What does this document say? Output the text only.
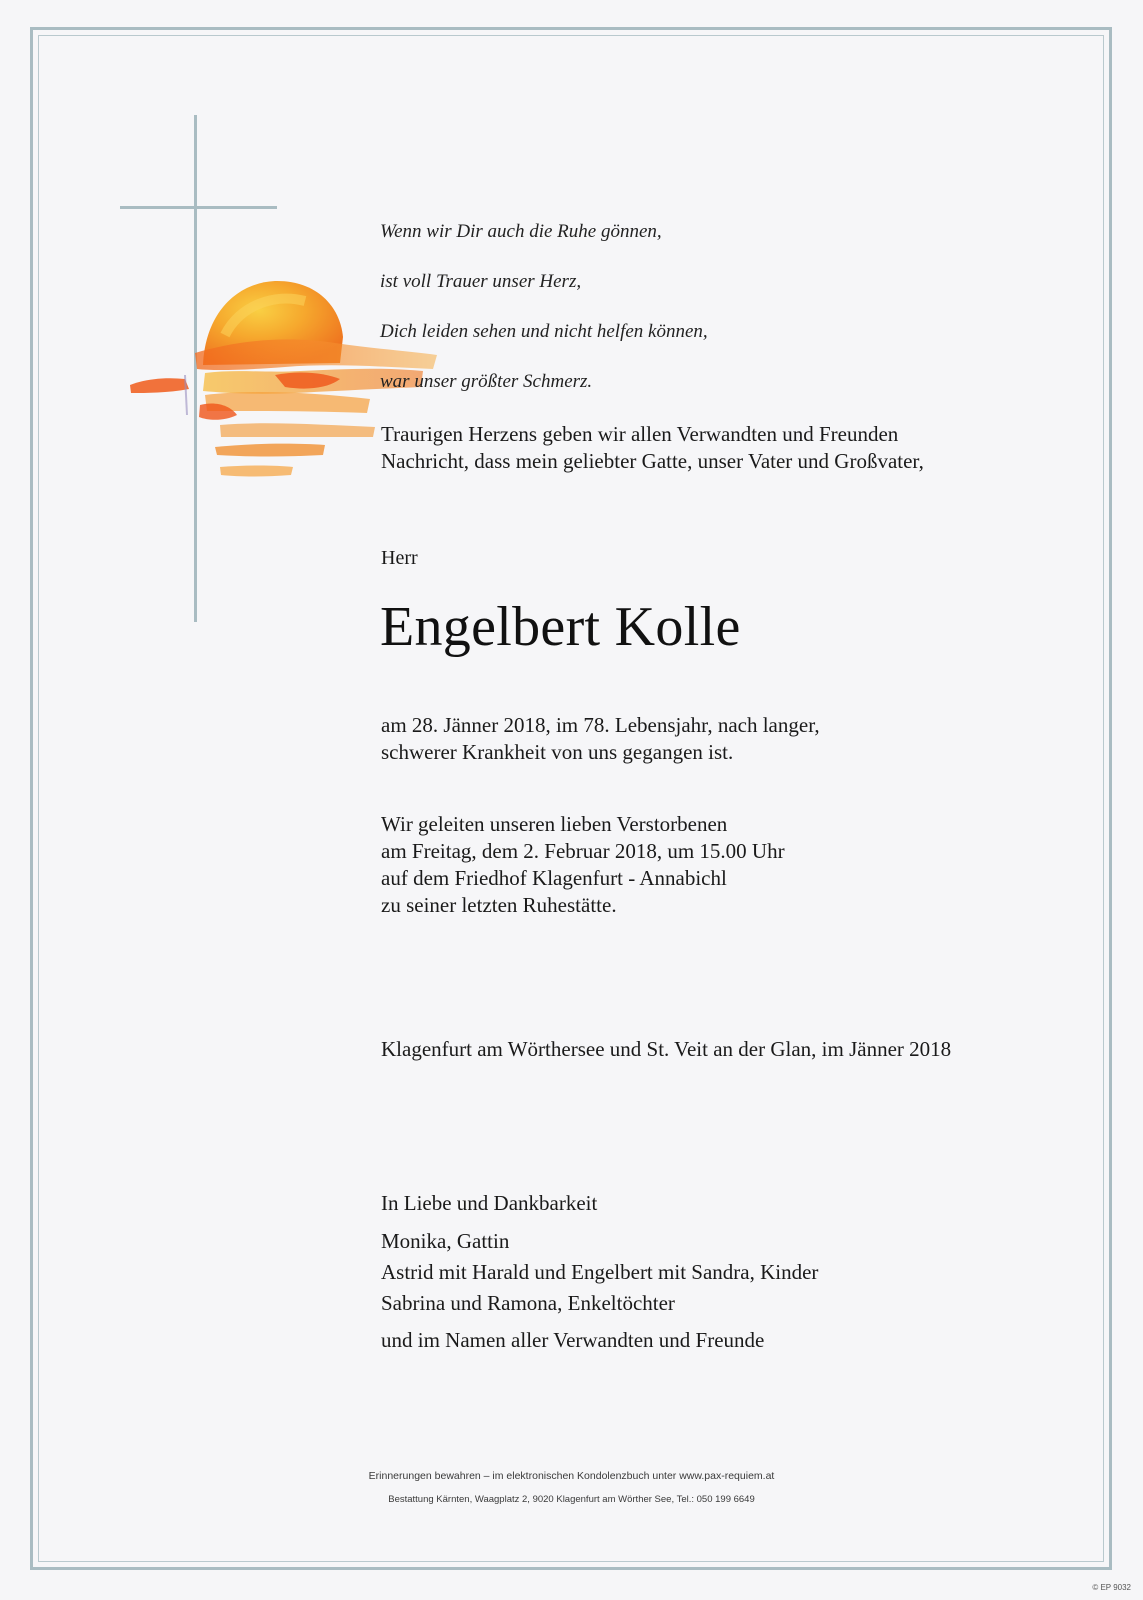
Wenn wir Dir auch die Ruhe gönnen,

ist voll Trauer unser Herz,

Dich leiden sehen und nicht helfen können,

war unser größter Schmerz.

Traurigen Herzens geben wir allen Verwandten und Freunden
Nachricht, dass mein geliebter Gatte, unser Vater und Großvater,
Herr
Engelbert Kolle
am 28. Jänner 2018, im 78. Lebensjahr, nach langer,
schwerer Krankheit von uns gegangen ist.
Wir geleiten unseren lieben Verstorbenen
am Freitag, dem 2. Februar 2018, um 15.00 Uhr
auf dem Friedhof Klagenfurt - Annabichl
zu seiner letzten Ruhestätte.
Klagenfurt am Wörthersee und St. Veit an der Glan, im Jänner 2018
In Liebe und Dankbarkeit
Monika, Gattin
Astrid mit Harald und Engelbert mit Sandra, Kinder
Sabrina und Ramona, Enkeltöchter
und im Namen aller Verwandten und Freunde
Erinnerungen bewahren – im elektronischen Kondolenzbuch unter www.pax-requiem.at
Bestattung Kärnten, Waagplatz 2, 9020 Klagenfurt am Wörther See, Tel.: 050 199 6649
© EP 9032
